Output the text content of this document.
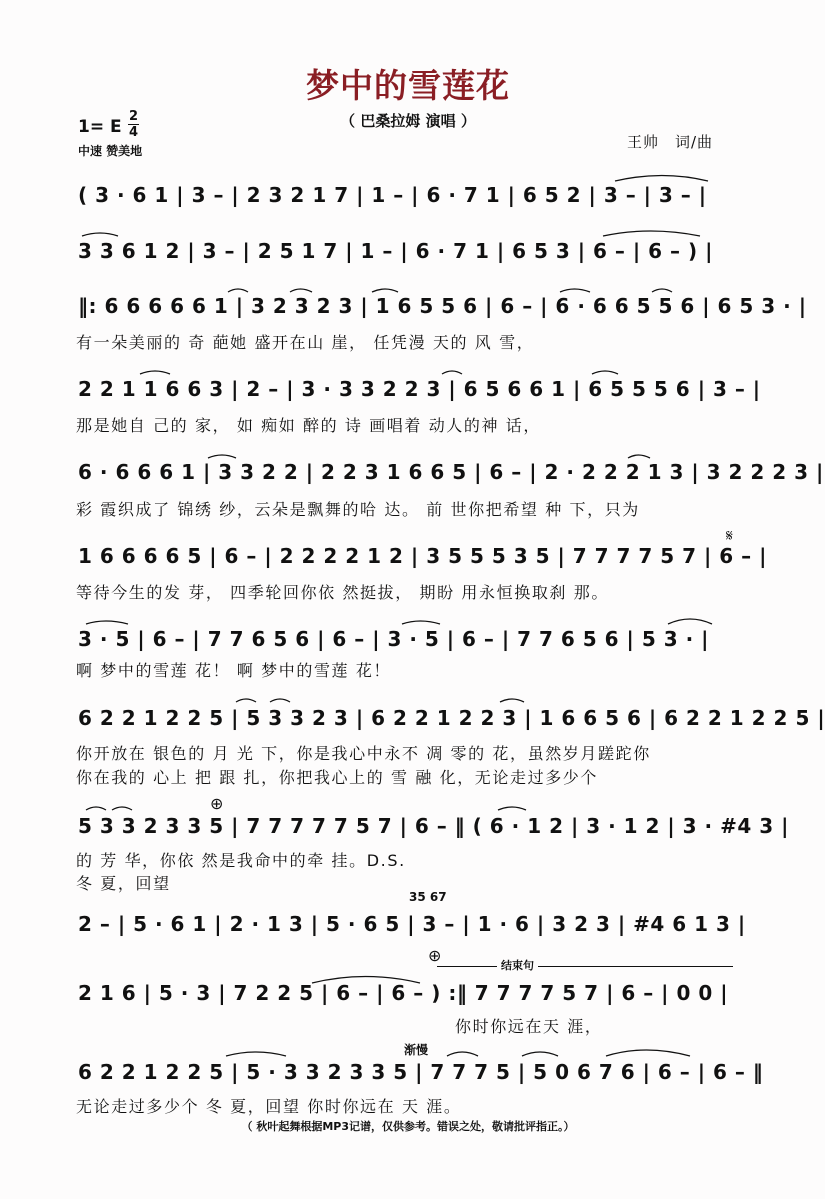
梦中的雪莲花
（ 巴桑拉姆 演唱 ）
1= E
2
4
中速 赞美地	王帅　词/曲
( 3 · 6 1 | 3 – | 2 3 2 1 7 | 1 – | 6 · 7 1 | 6 5 2 | 3 – | 3 – |
3 3 6 1 2 | 3 – | 2 5 1 7 | 1 – | 6 · 7 1 | 6 5 3 | 6 – | 6 – ) |
‖: 6 6 6 6 6 1 | 3 2 3 2 3 | 1 6 5 5 6 | 6 – | 6 · 6 6 5 5 6 | 6 5 3 · |
有一朵美丽的 奇 葩她 盛开在山 崖， 任凭漫 天的 风 雪，
2 2 1 1 6 6 3 | 2 – | 3 · 3 3 2 2 3 | 6 5 6 6 1 | 6 5 5 5 6 | 3 – |
那是她自 己的 家， 如 痴如 醉的 诗 画唱着 动人的神 话，
6 · 6 6 6 1 | 3 3 2 2 | 2 2 3 1 6 6 5 | 6 – | 2 · 2 2 2 1 3 | 3 2 2 2 3 |
彩 霞织成了 锦绣 纱，云朵是飘舞的哈 达。 前 世你把希望 种 下，只为
1 6 6 6 6 5 | 6 – | 2 2 2 2 1 2 | 3 5 5 5 3 5 | 7 7 7 7 5 7 | 6 – |
等待今生的发 芽， 四季轮回你依 然挺拔， 期盼 用永恒换取刹 那。
3 · 5 | 6 – | 7 7 6 5 6 | 6 – | 3 · 5 | 6 – | 7 7 6 5 6 | 5 3 · |
啊 梦中的雪莲 花！ 啊 梦中的雪莲 花！
6 2 2 1 2 2 5 | 5 3 3 2 3 | 6 2 2 1 2 2 3 | 1 6 6 5 6 | 6 2 2 1 2 2 5 |
你开放在 银色的 月 光 下，你是我心中永不 凋 零的 花，虽然岁月蹉跎你
你在我的 心上 把 跟 扎，你把我心上的 雪 融 化，无论走过多少个
5 3 3 2 3 3 5 | 7 7 7 7 7 5 7 | 6 – ‖ ( 6 · 1 2 | 3 · 1 2 | 3 · #4 3 |
的 芳 华，你依 然是我命中的牵 挂。D.S.
冬 夏，回望
35 67
2 – | 5 · 6 1 | 2 · 1 3 | 5 · 6 5 | 3 – | 1 · 6 | 3 2 3 | #4 6 1 3 |
结束句
⊕
2 1 6 | 5 · 3 | 7 2 2 5 | 6 – | 6 – ) :‖ 7 7 7 7 5 7 | 6 – | 0 0 |
你时你远在天 涯，
渐慢
6 2 2 1 2 2 5 | 5 · 3 3 2 3 3 5 | 7 7 7 5 | 5 0 6 7 6 | 6 – | 6 – ‖
无论走过多少个 冬 夏，回望 你时你远在 天 涯。
𝄋
⊕
（ 秋叶起舞根据MP3记谱，仅供参考。错误之处，敬请批评指正。）
